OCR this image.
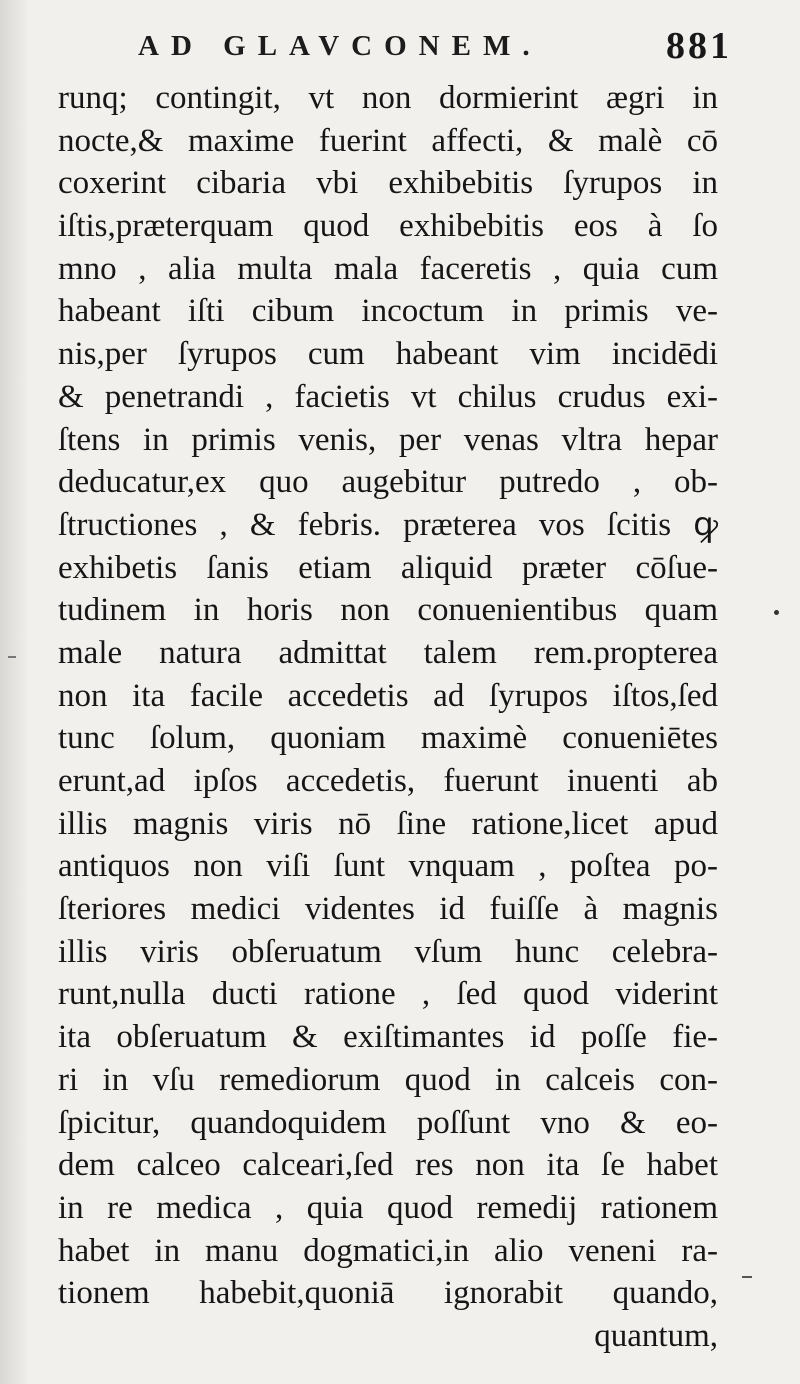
AD GLAVCONEM.	881
runq; contingit, vt non dormierint ægri in
nocte,& maxime fuerint affecti, & malè cō
coxerint cibaria vbi exhibebitis ſyrupos in
iſtis,præterquam quod exhibebitis eos à ſo
mno , alia multa mala faceretis , quia cum
habeant iſti cibum incoctum in primis ve-
nis,per ſyrupos cum habeant vim incidēdi
& penetrandi , facietis vt chilus crudus exi-
ſtens in primis venis, per venas vltra hepar
deducatur,ex quo augebitur putredo , ob-
ſtructiones , & febris. præterea vos ſcitis ꝙ
exhibetis ſanis etiam aliquid præter cōſue-
tudinem in horis non conuenientibus quam
male natura admittat talem rem.propterea
non ita facile accedetis ad ſyrupos iſtos,ſed
tunc ſolum, quoniam maximè conueniētes
erunt,ad ipſos accedetis, fuerunt inuenti ab
illis magnis viris nō ſine ratione,licet apud
antiquos non viſi ſunt vnquam , poſtea po-
ſteriores medici videntes id fuiſſe à magnis
illis viris obſeruatum vſum hunc celebra-
runt,nulla ducti ratione , ſed quod viderint
ita obſeruatum & exiſtimantes id poſſe fie-
ri in vſu remediorum quod in calceis con-
ſpicitur, quandoquidem poſſunt vno & eo-
dem calceo calceari,ſed res non ita ſe habet
in re medica , quia quod remedij rationem
habet in manu dogmatici,in alio veneni ra-
tionem habebit,quoniā ignorabit quando,
quantum,
